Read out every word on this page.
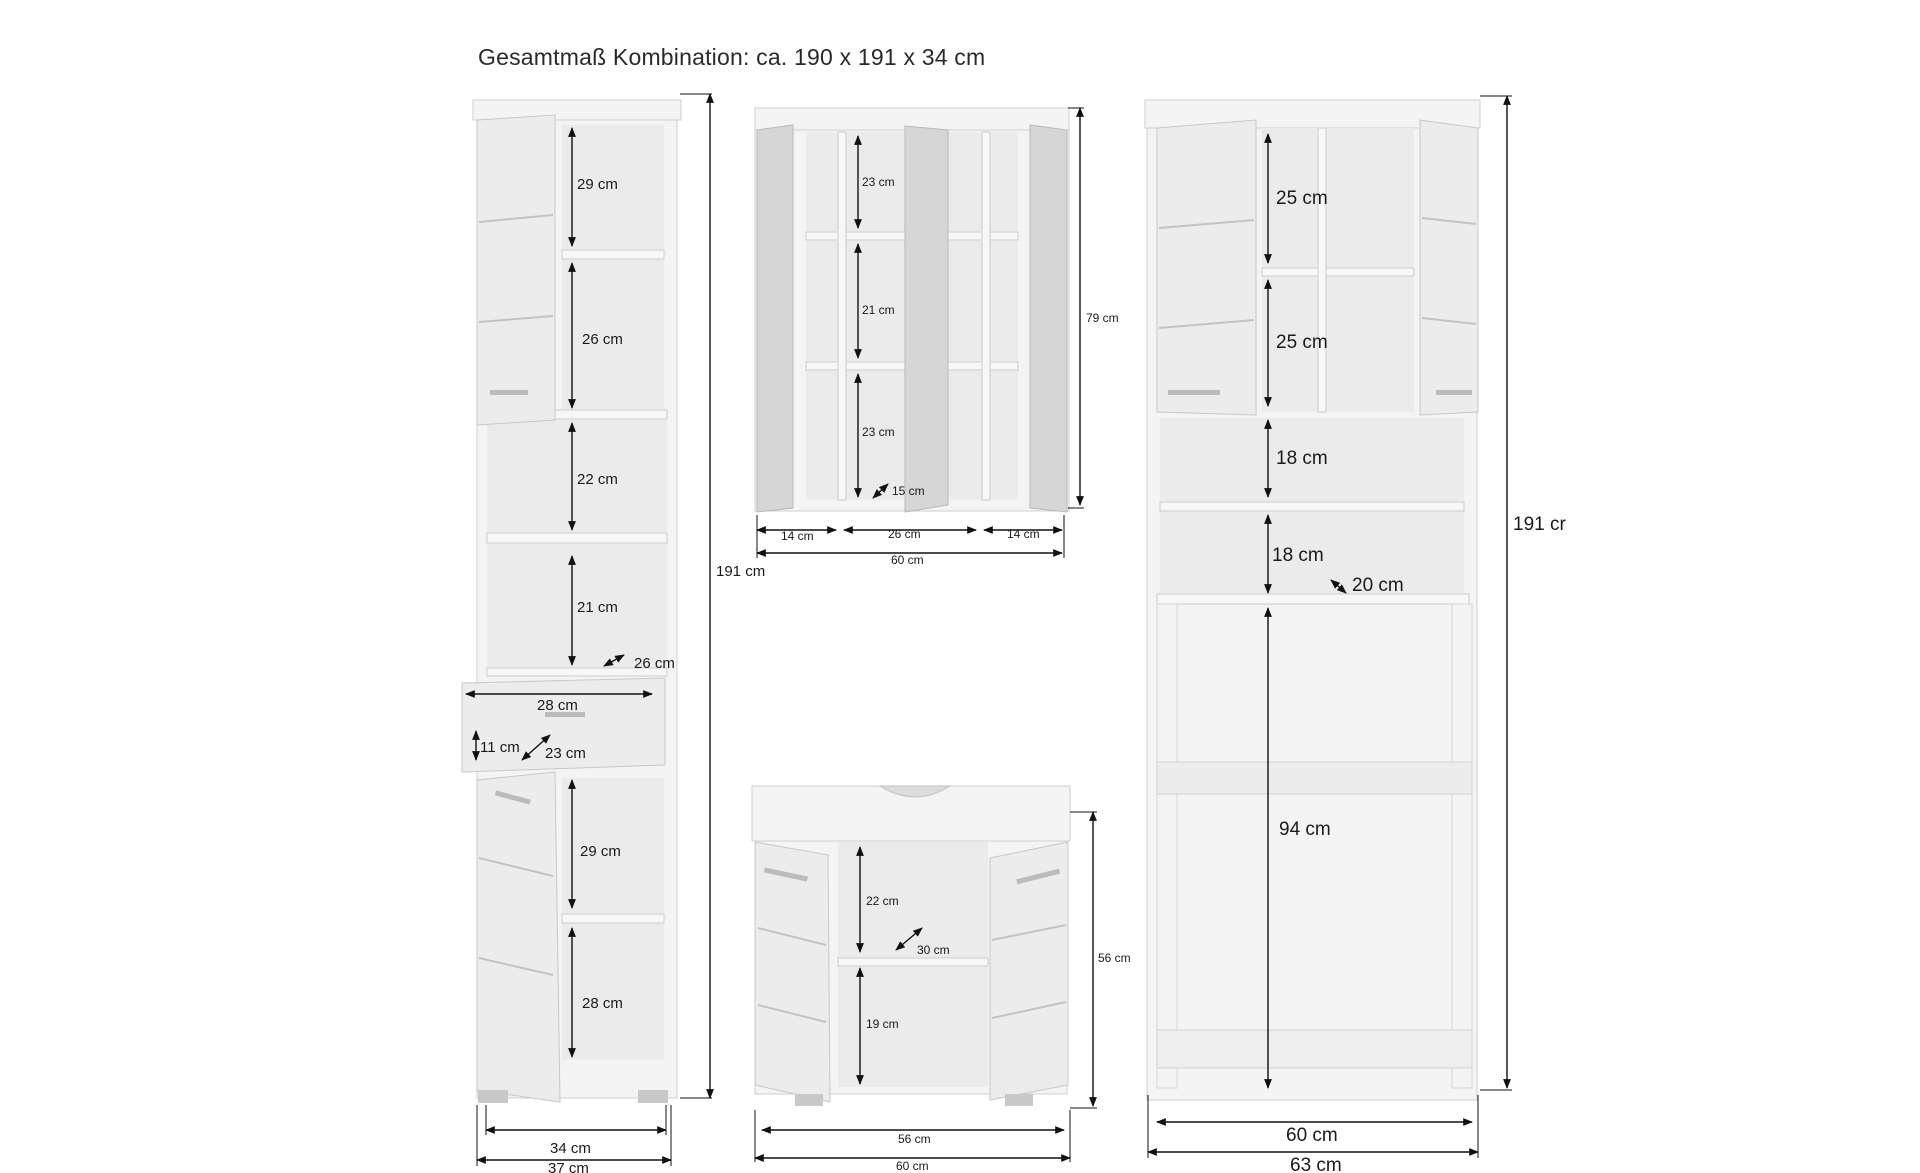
Gesamtmaß Kombination: ca. 190 x 191 x 34 cm
29 cm
26 cm
22 cm
21 cm
26 cm
28 cm
11 cm 23 cm
29 cm
28 cm
191 cm
34 cm
37 cm
23 cm
21 cm
23 cm
15 cm
14 cm	26 cm	14 cm
79 cm
60 cm
22 cm
19 cm
30 cm
56 cm
56 cm
60 cm
25 cm
25 cm
18 cm
18 cm
20 cm
94 cm
191 cr
60 cm
63 cm
